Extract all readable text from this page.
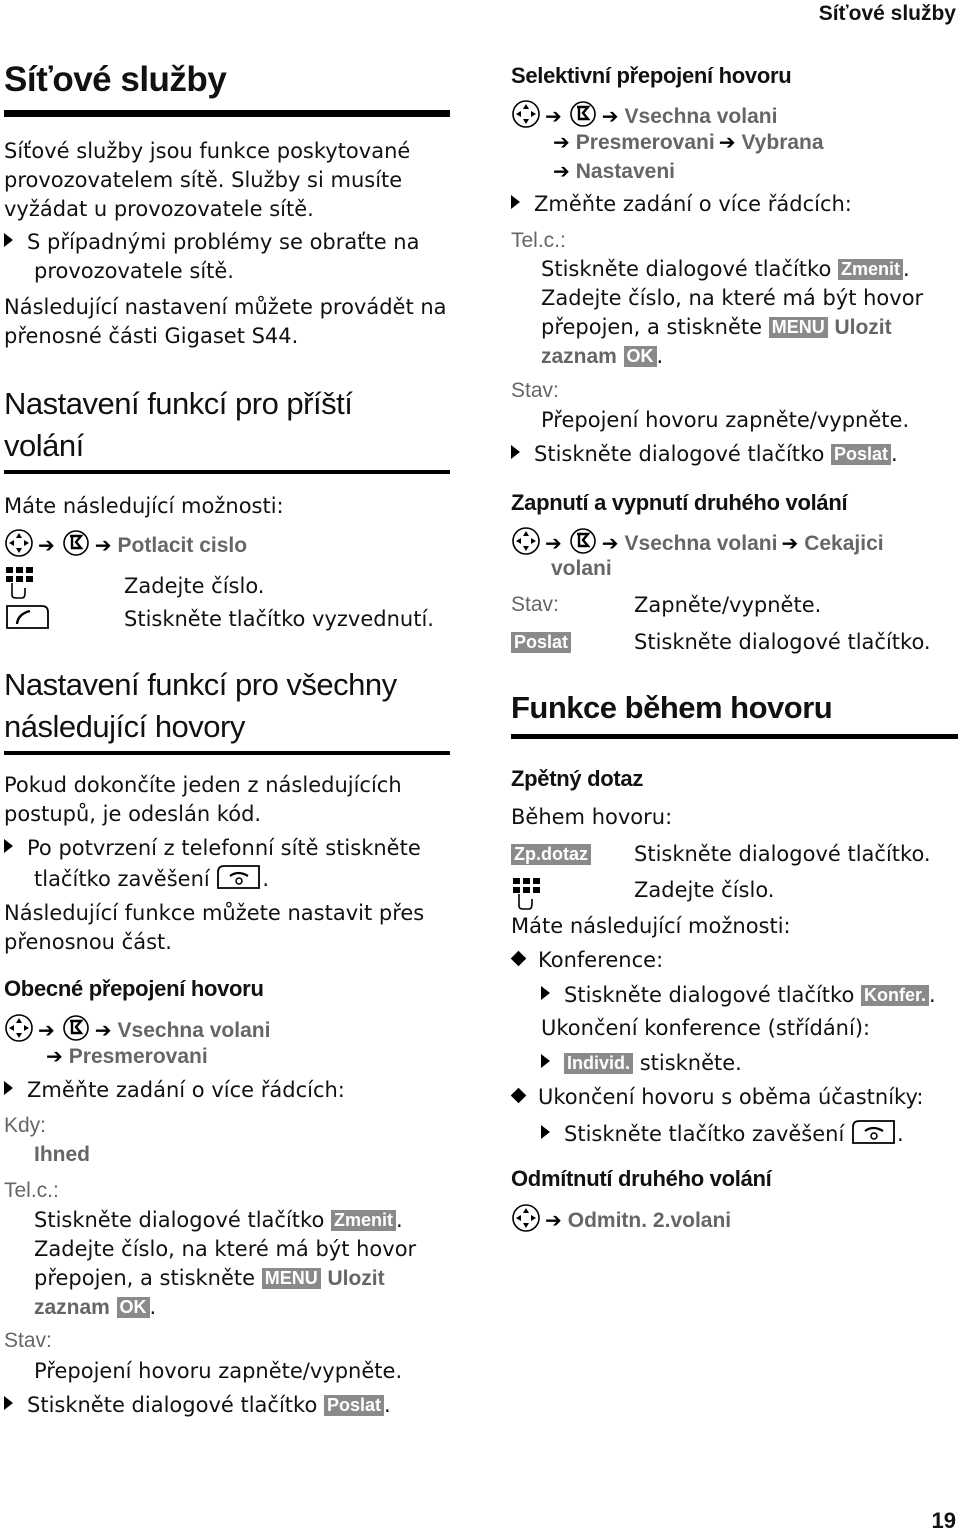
Síťové služby
Síťové služby
Síťové služby jsou funkce poskytované
provozovatelem sítě. Služby si musíte
vyžádat u provozovatele sítě.
S případnými problémy se obraťte na
provozovatele sítě.
Následující nastavení můžete provádět na
přenosné části Gigaset S44.
Nastavení funkcí pro příští
volání
Máte následující možnosti:
➔ ➔ Potlacit cislo
Zadejte číslo.
Stiskněte tlačítko vyzvednutí.
Nastavení funkcí pro všechny
následující hovory
Pokud dokončíte jeden z následujících
postupů, je odeslán kód.
Po potvrzení z telefonní sítě stiskněte
tlačítko zavěšení	.
Následující funkce můžete nastavit přes
přenosnou část.
Obecné přepojení hovoru
➔ ➔ Vsechna volani
➔ Presmerovani
Změňte zadání o více řádcích:
Kdy:
Ihned
Tel.c.:
Stiskněte dialogové tlačítko Zmenit .
Zadejte číslo, na které má být hovor
přepojen, a stiskněte MENU Ulozit
zaznam OK .
Stav:
Přepojení hovoru zapněte/vypněte.
Stiskněte dialogové tlačítko Poslat .
Selektivní přepojení hovoru
➔ ➔ Vsechna volani
➔ Presmerovani ➔ Vybrana
➔ Nastaveni
Změňte zadání o více řádcích:
Tel.c.:
Stiskněte dialogové tlačítko Zmenit .
Zadejte číslo, na které má být hovor
přepojen, a stiskněte MENU Ulozit
zaznam OK .
Stav:
Přepojení hovoru zapněte/vypněte.
Stiskněte dialogové tlačítko Poslat .
Zapnutí a vypnutí druhého volání
➔ ➔ Vsechna volani ➔ Cekajici
volani
Stav:	Zapněte/vypněte.
Poslat	Stiskněte dialogové tlačítko.
Funkce během hovoru
Zpětný dotaz
Během hovoru:
Zp.dotaz Stiskněte dialogové tlačítko.
Zadejte číslo.
Máte následující možnosti:
Konference:
Stiskněte dialogové tlačítko Konfer. .
Ukončení konference (střídání):
Individ. stiskněte.
Ukončení hovoru s oběma účastníky:
Stiskněte tlačítko zavěšení	.
Odmítnutí druhého volání
➔ Odmitn. 2.volani
19
